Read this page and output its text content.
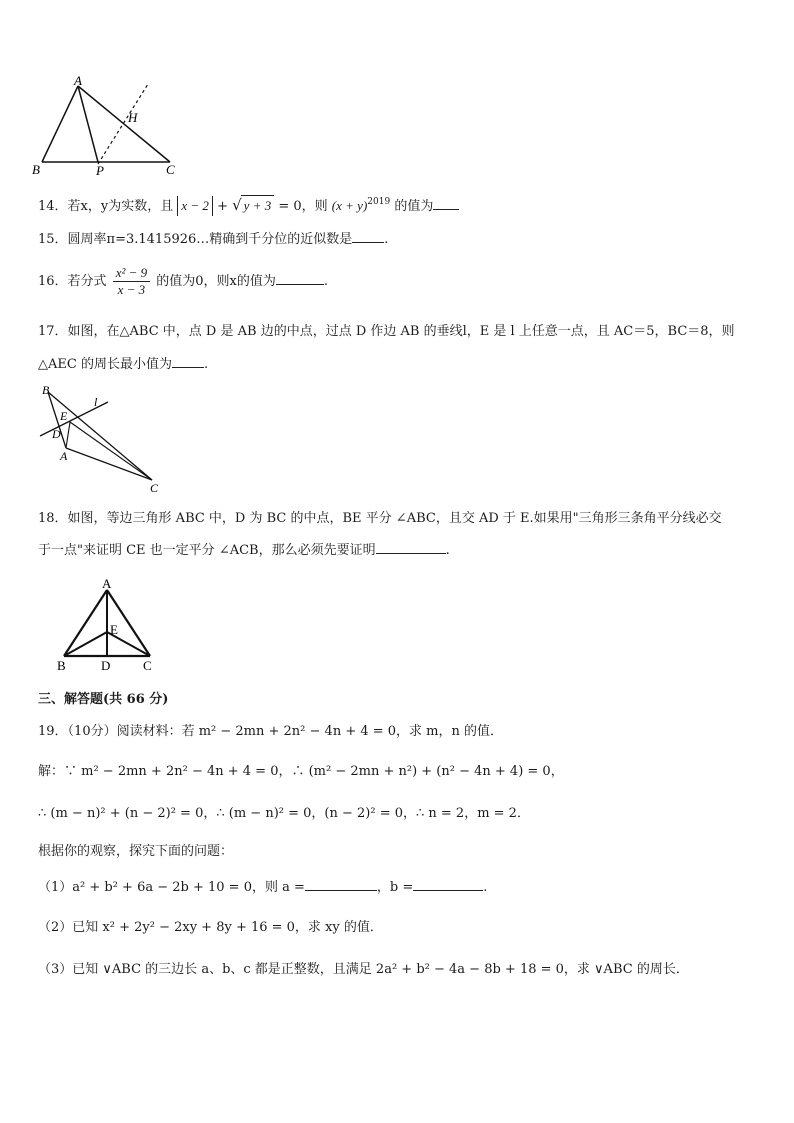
A
B	C
H
P
14．若x，y为实数，且 x − 2 + √ y + 3 = 0，则 $(x + y)^{2019}$ 的值为
15．圆周率π=3.1415926…精确到千分位的近似数是 .
16．若分式 $\frac{\text{x² − 9}}{x - 3}$ 的值为0，则x的值为	.
17．如图，在△ABC 中，点 D 是 AB 边的中点，过点 D 作边 AB 的垂线l，E 是 l 上任意一点，且 AC＝5，BC＝8，则
△AEC 的周长最小值为 .
B
E
l
D
A
C
18．如图，等边三角形 ABC 中，D 为 BC 的中点，BE 平分 ∠ABC，且交 AD 于 E.如果用"三角形三条角平分线必交
于一点"来证明 CE 也一定平分 ∠ACB，那么必须先要证明	.
A
E
B	D	C
三、解答题(共 66 分)
19．（10分）阅读材料：若 m² − 2mn + 2n² − 4n + 4 = 0，求 m，n 的值．
解：∵ m² − 2mn + 2n² − 4n + 4 = 0，∴ (m² − 2mn + n²) + (n² − 4n + 4) = 0，
∴ (m − n)² + (n − 2)² = 0，∴ (m − n)² = 0，(n − 2)² = 0，∴ n = 2，m = 2．
根据你的观察，探究下面的问题：
（1）a² + b² + 6a − 2b + 10 = 0，则 a =	，b =	.
（2）已知 x² + 2y² − 2xy + 8y + 16 = 0，求 xy 的值．
（3）已知 ∨ABC 的三边长 a、b、c 都是正整数，且满足 2a² + b² − 4a − 8b + 18 = 0，求 ∨ABC 的周长．
